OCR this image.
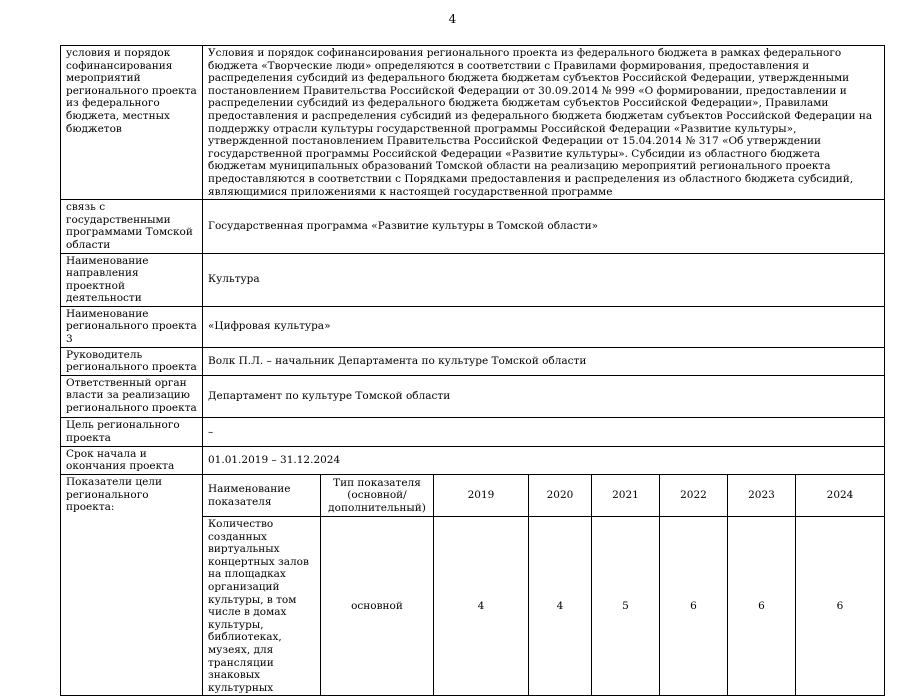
4
условия и порядок софинансирования мероприятий регионального проекта из федерального бюджета, местных бюджетов	Условия и порядок софинансирования регионального проекта из федерального бюджета в рамках федерального бюджета «Творческие люди» определяются в соответствии с Правилами формирования, предоставления и распределения субсидий из федерального бюджета бюджетам субъектов Российской Федерации, утвержденными постановлением Правительства Российской Федерации от 30.09.2014 № 999 «О формировании, предоставлении и распределении субсидий из федерального бюджета бюджетам субъектов Российской Федерации», Правилами предоставления и распределения субсидий из федерального бюджета бюджетам субъектов Российской Федерации на поддержку отрасли культуры государственной программы Российской Федерации «Развитие культуры», утвержденной постановлением Правительства Российской Федерации от 15.04.2014 № 317 «Об утверждении государственной программы Российской Федерации «Развитие культуры». Субсидии из областного бюджета бюджетам муниципальных образований Томской области на реализацию мероприятий регионального проекта предоставляются в соответствии с Порядками предоставления и распределения из областного бюджета субсидий, являющимися приложениями к настоящей государственной программе							
связь с государственными программами Томской области	Государственная программа «Развитие культуры в Томской области»							
Наименование направления проектной деятельности	Культура							
Наименование регионального проекта 3	«Цифровая культура»							
Руководитель регионального проекта	Волк П.Л. – начальник Департамента по культуре Томской области							
Ответственный орган власти за реализацию регионального проекта	Департамент по культуре Томской области							
Цель регионального проекта	–							
Срок начала и окончания проекта	01.01.2019 – 31.12.2024							
Показатели цели регионального проекта:	Наименование показателя	Тип показателя (основной/ дополнительный)	2019	2020	2021	2022	2023	2024
	Количество созданных виртуальных концертных залов на площадках организаций культуры, в том числе в домах культуры, библиотеках, музеях, для трансляции знаковых культурных	основной	4	4	5	6	6	6
